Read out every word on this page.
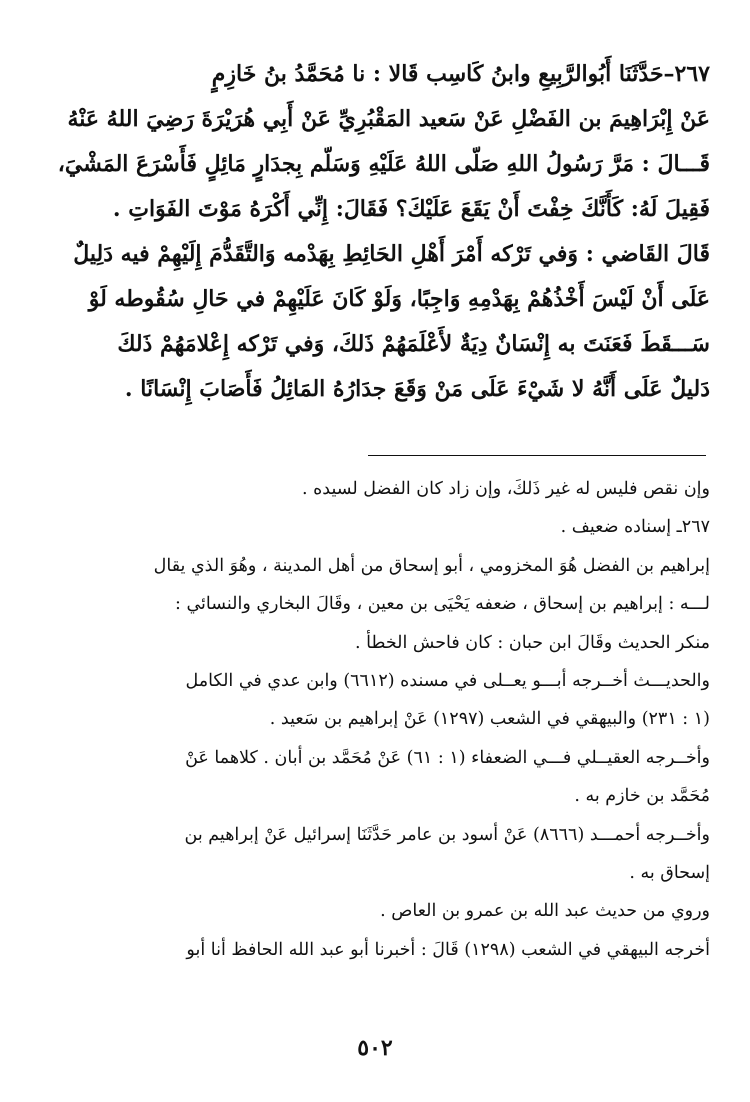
٢٦٧–حَدَّثَنَا أَبُوالرَّبِيعِ وابنُ كَاسِب قَالا : نا مُحَمَّدُ بنُ خَازِمٍ
عَنْ إِبْرَاهِيمَ بن الفَضْلِ عَنْ سَعيد المَقْبُرِيِّ عَنْ أَبِي هُرَيْرَةَ رَضِيَ اللهُ عَنْهُ
قَـــالَ : مَرَّ رَسُولُ اللهِ صَلّى اللهُ عَلَيْهِ وَسَلّم بِجدَارٍ مَائِلٍ فَأَسْرَعَ المَشْيَ،
فَقِيلَ لَهُ: كَأَنَّكَ خِفْتَ أَنْ يَقَعَ عَلَيْكَ؟ فَقَالَ: إِنِّي أَكْرَهُ مَوْتَ الفَوَاتِ .
قَالَ القَاضي : وَفي تَرْكه أَمْرَ أَهْلِ الحَائِطِ بِهَدْمه وَالتَّقَدُّمَ إِلَيْهِمْ فيه دَلِيلٌ
عَلَى أَنْ لَيْسَ أَخْذُهُمْ بِهَدْمِهِ وَاجِبًا، وَلَوْ كَانَ عَلَيْهِمْ في حَالِ سُقُوطه لَوْ
سَـــقَطَ فَعَنَتَ به إِنْسَانٌ دِيَةٌ لأَعْلَمَهُمْ ذَلكَ، وَفي تَرْكه إِعْلامَهُمْ ذَلكَ
دَليلٌ عَلَى أَنَّهُ لا شَيْءَ عَلَى مَنْ وَقَعَ جدَارُهُ المَائِلُ فَأَصَابَ إِنْسَانًا .
وإن نقص فليس له غير ذَلكَ، وإن زاد كان الفضل لسيده .
٢٦٧ـ إسناده ضعيف .
إبراهيم بن الفضل هُوَ المخزومي ، أبو إسحاق من أهل المدينة ، وهُوَ الذي يقال
لـــه : إبراهيم بن إسحاق ، ضعفه يَحْيَى بن معين ، وقَالَ البخاري والنسائي :
منكر الحديث وقَالَ ابن حبان : كان فاحش الخطأ .
والحديـــث أخــرجه أبـــو يعــلى في مسنده (٦٦١٢) وابن عدي في الكامل
(١ : ٢٣١) والبيهقي في الشعب (١٢٩٧) عَنْ إبراهيم بن سَعيد .
وأخــرجه العقيــلي فـــي الضعفاء (١ : ٦١) عَنْ مُحَمَّد بن أبان . كلاهما عَنْ
مُحَمَّد بن خازم به .
وأخــرجه أحمـــد (٨٦٦٦) عَنْ أسود بن عامر حَدَّثَنَا إسرائيل عَنْ إبراهيم بن
إسحاق به .
وروي من حديث عبد الله بن عمرو بن العاص .
أخرجه البيهقي في الشعب (١٢٩٨) قَالَ : أخبرنا أبو عبد الله الحافظ أنا أبو
٥٠٢
